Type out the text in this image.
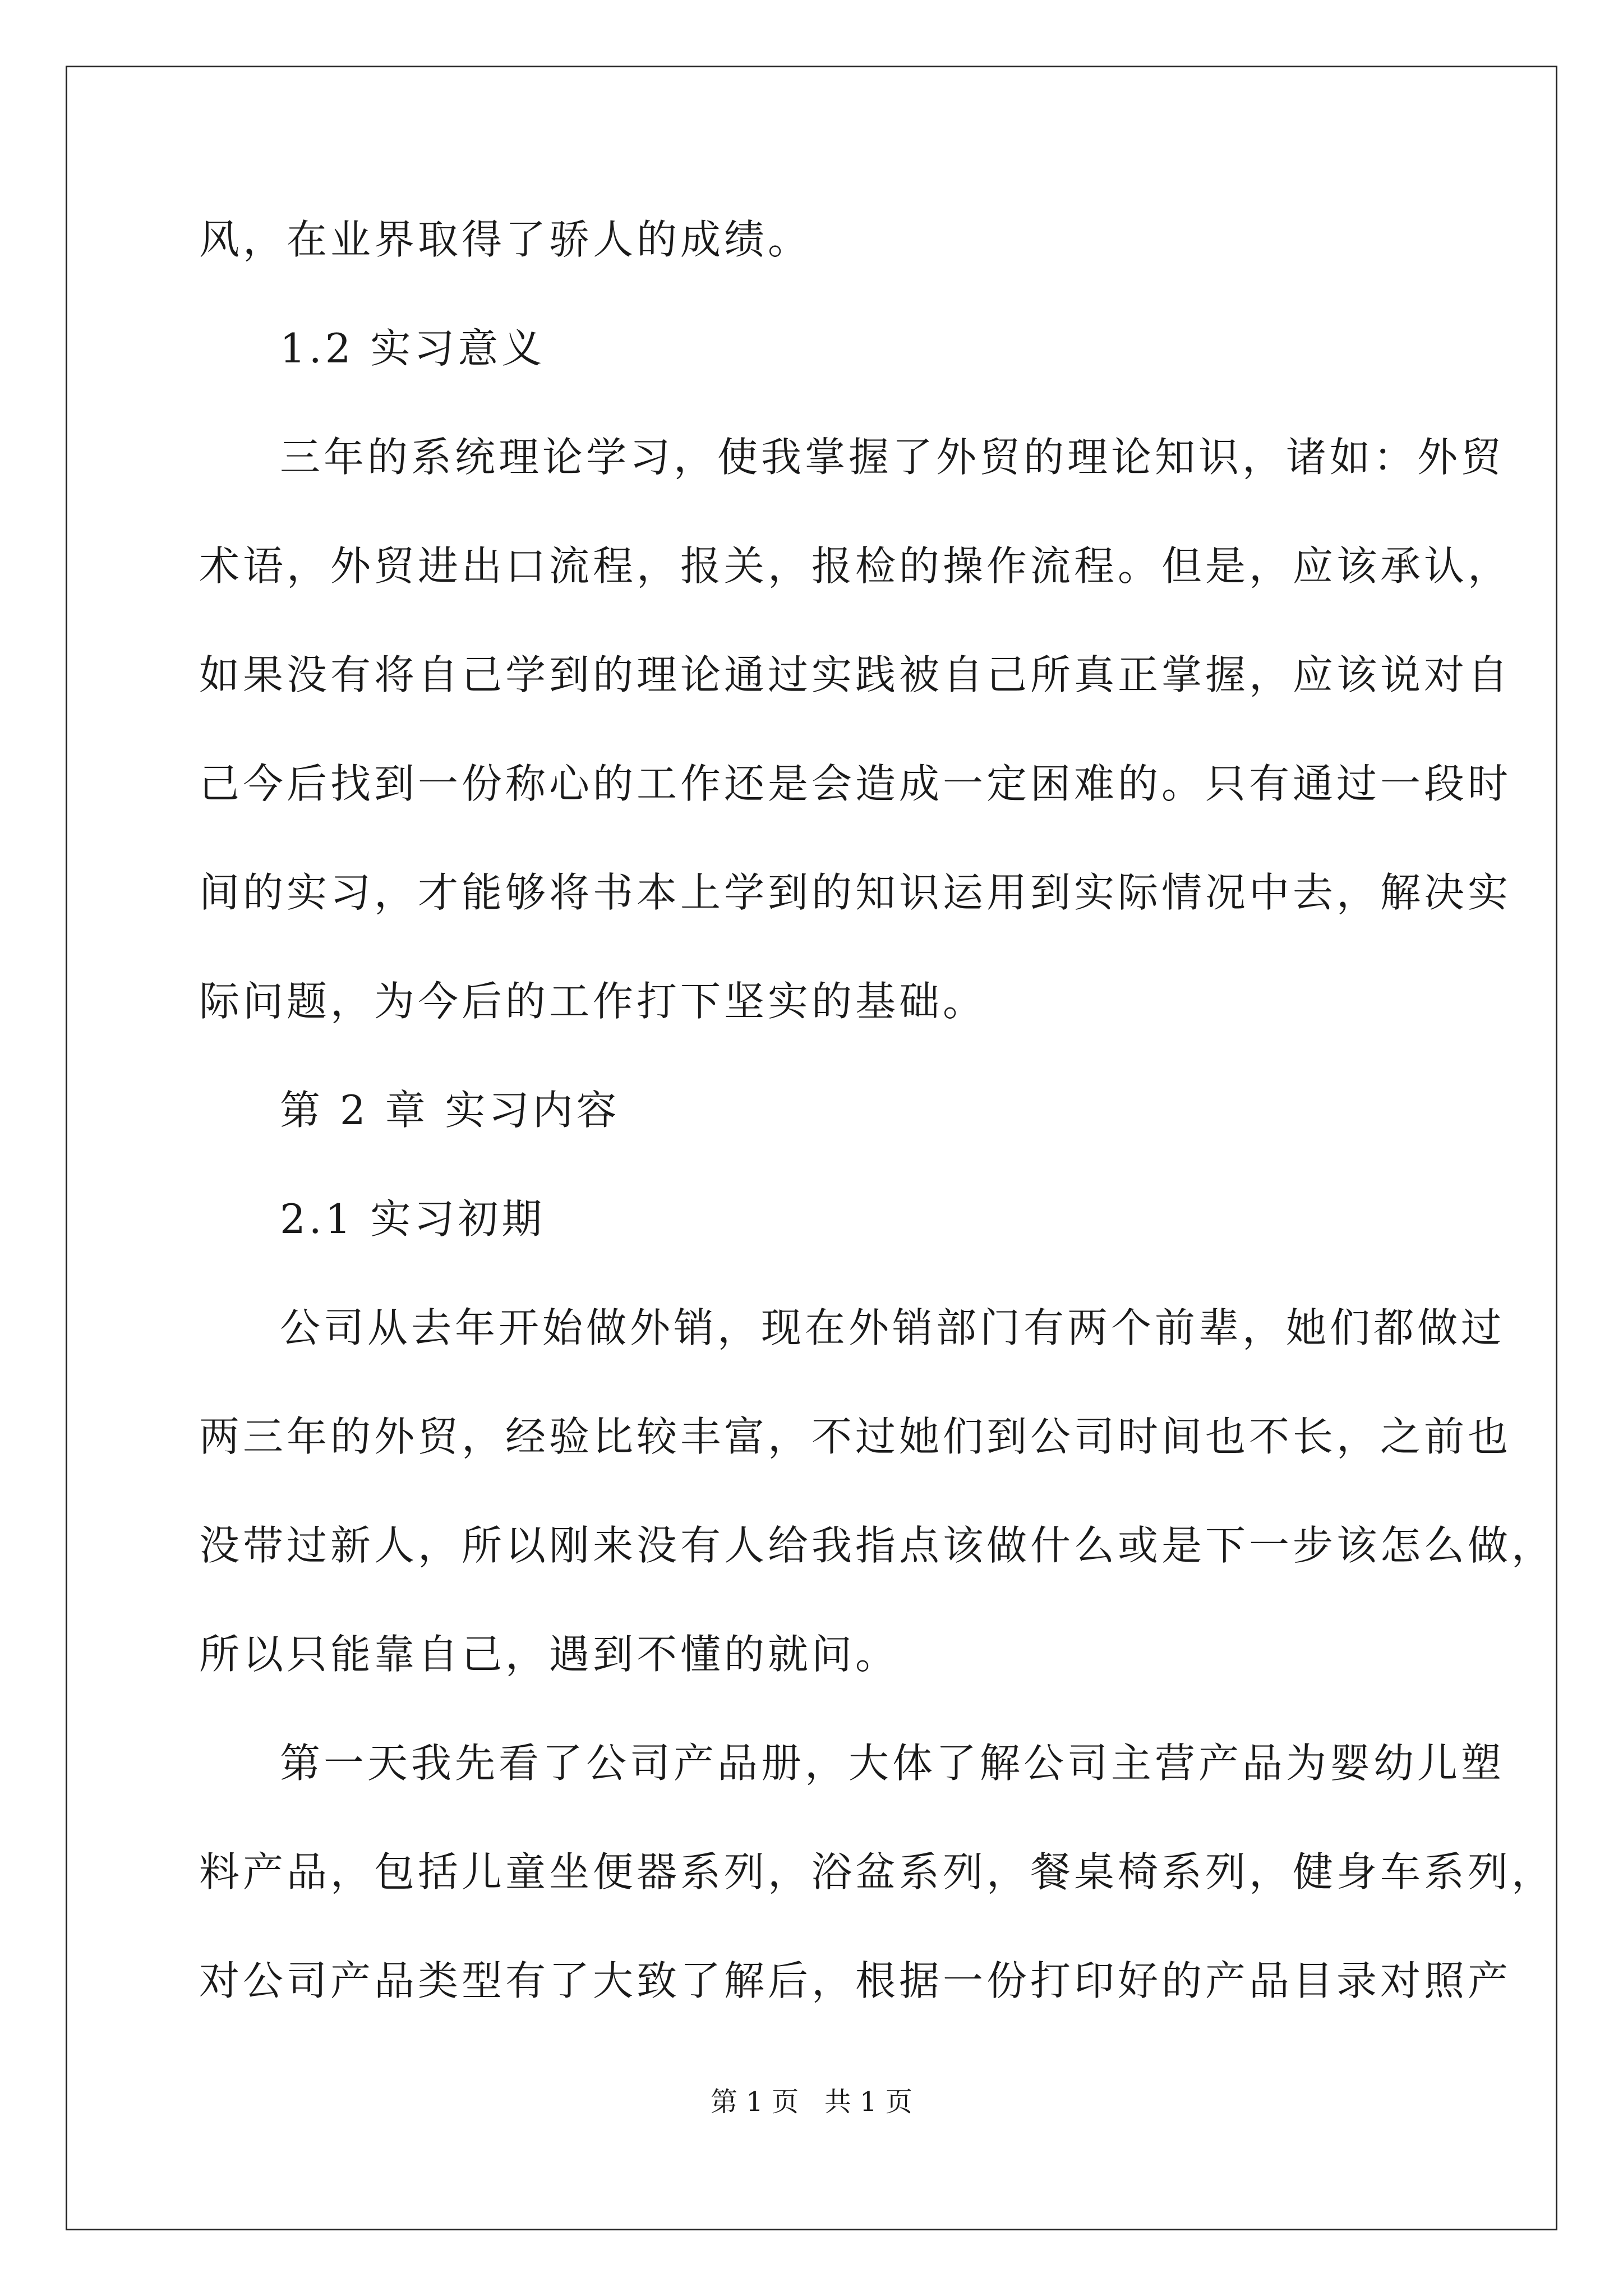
风，在业界取得了骄人的成绩。

1.2 实习意义

三年的系统理论学习，使我掌握了外贸的理论知识，诸如：外贸

术语，外贸进出口流程，报关，报检的操作流程。但是，应该承认，

如果没有将自己学到的理论通过实践被自己所真正掌握，应该说对自

己今后找到一份称心的工作还是会造成一定困难的。只有通过一段时

间的实习，才能够将书本上学到的知识运用到实际情况中去，解决实

际问题，为今后的工作打下坚实的基础。

第 2 章 实习内容

2.1 实习初期

公司从去年开始做外销，现在外销部门有两个前辈，她们都做过

两三年的外贸，经验比较丰富，不过她们到公司时间也不长，之前也

没带过新人，所以刚来没有人给我指点该做什么或是下一步该怎么做，

所以只能靠自己，遇到不懂的就问。

第一天我先看了公司产品册，大体了解公司主营产品为婴幼儿塑

料产品，包括儿童坐便器系列，浴盆系列，餐桌椅系列，健身车系列，

对公司产品类型有了大致了解后，根据一份打印好的产品目录对照产

第 1 页   共 1 页
